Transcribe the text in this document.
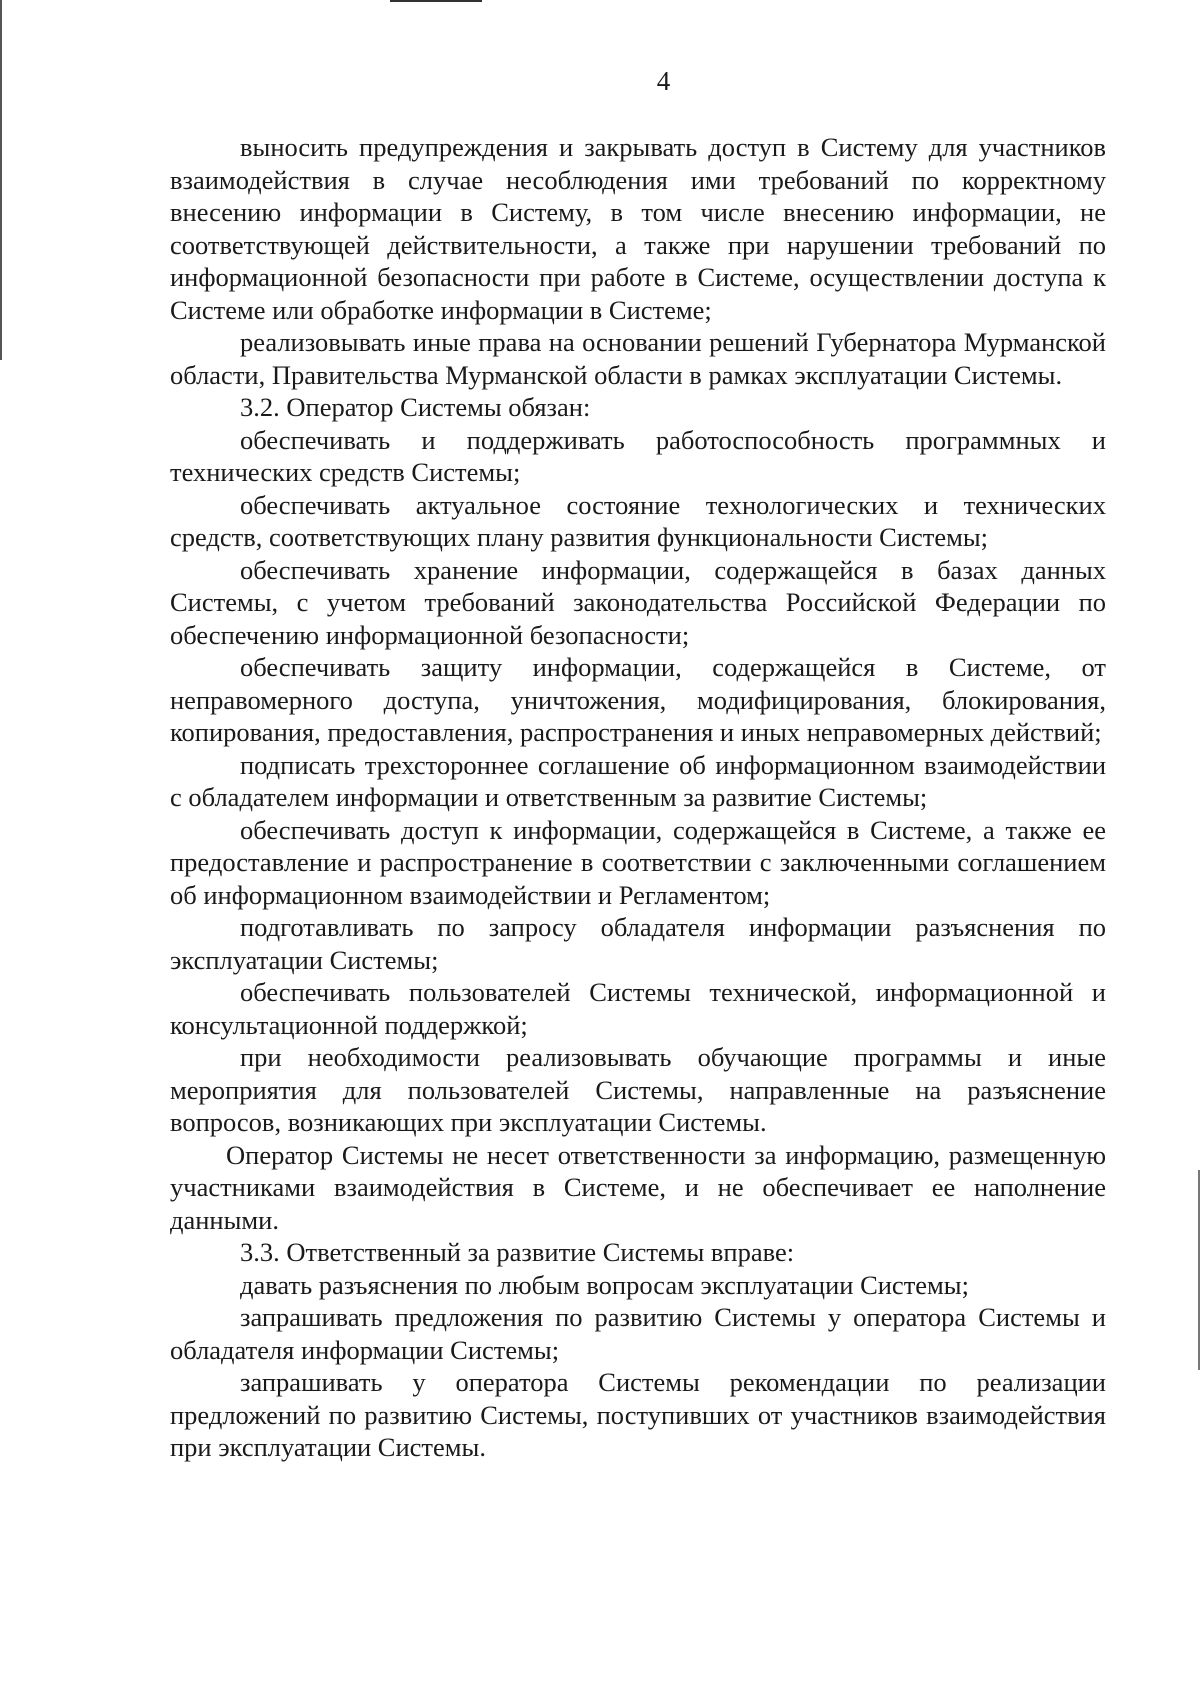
4

выносить предупреждения и закрывать доступ в Систему для участников взаимодействия в случае несоблюдения ими требований по корректному внесению информации в Систему, в том числе внесению информации, не соответствующей действительности, а также при нарушении требований по информационной безопасности при работе в Системе, осуществлении доступа к Системе или обработке информации в Системе;

реализовывать иные права на основании решений Губернатора Мурманской области, Правительства Мурманской области в рамках эксплуатации Системы.

3.2. Оператор Системы обязан:

обеспечивать и поддерживать работоспособность программных и технических средств Системы;

обеспечивать актуальное состояние технологических и технических средств, соответствующих плану развития функциональности Системы;

обеспечивать хранение информации, содержащейся в базах данных Системы, с учетом требований законодательства Российской Федерации по обеспечению информационной безопасности;

обеспечивать защиту информации, содержащейся в Системе, от неправомерного доступа, уничтожения, модифицирования, блокирования, копирования, предоставления, распространения и иных неправомерных действий;

подписать трехстороннее соглашение об информационном взаимодействии с обладателем информации и ответственным за развитие Системы;

обеспечивать доступ к информации, содержащейся в Системе, а также ее предоставление и распространение в соответствии с заключенными соглашением об информационном взаимодействии и Регламентом;

подготавливать по запросу обладателя информации разъяснения по эксплуатации Системы;

обеспечивать пользователей Системы технической, информационной и консультационной поддержкой;

при необходимости реализовывать обучающие программы и иные мероприятия для пользователей Системы, направленные на разъяснение вопросов, возникающих при эксплуатации Системы.

Оператор Системы не несет ответственности за информацию, размещенную участниками взаимодействия в Системе, и не обеспечивает ее наполнение данными.

3.3. Ответственный за развитие Системы вправе:

давать разъяснения по любым вопросам эксплуатации Системы;

запрашивать предложения по развитию Системы у оператора Системы и обладателя информации Системы;

запрашивать у оператора Системы рекомендации по реализации предложений по развитию Системы, поступивших от участников взаимодействия при эксплуатации Системы.
